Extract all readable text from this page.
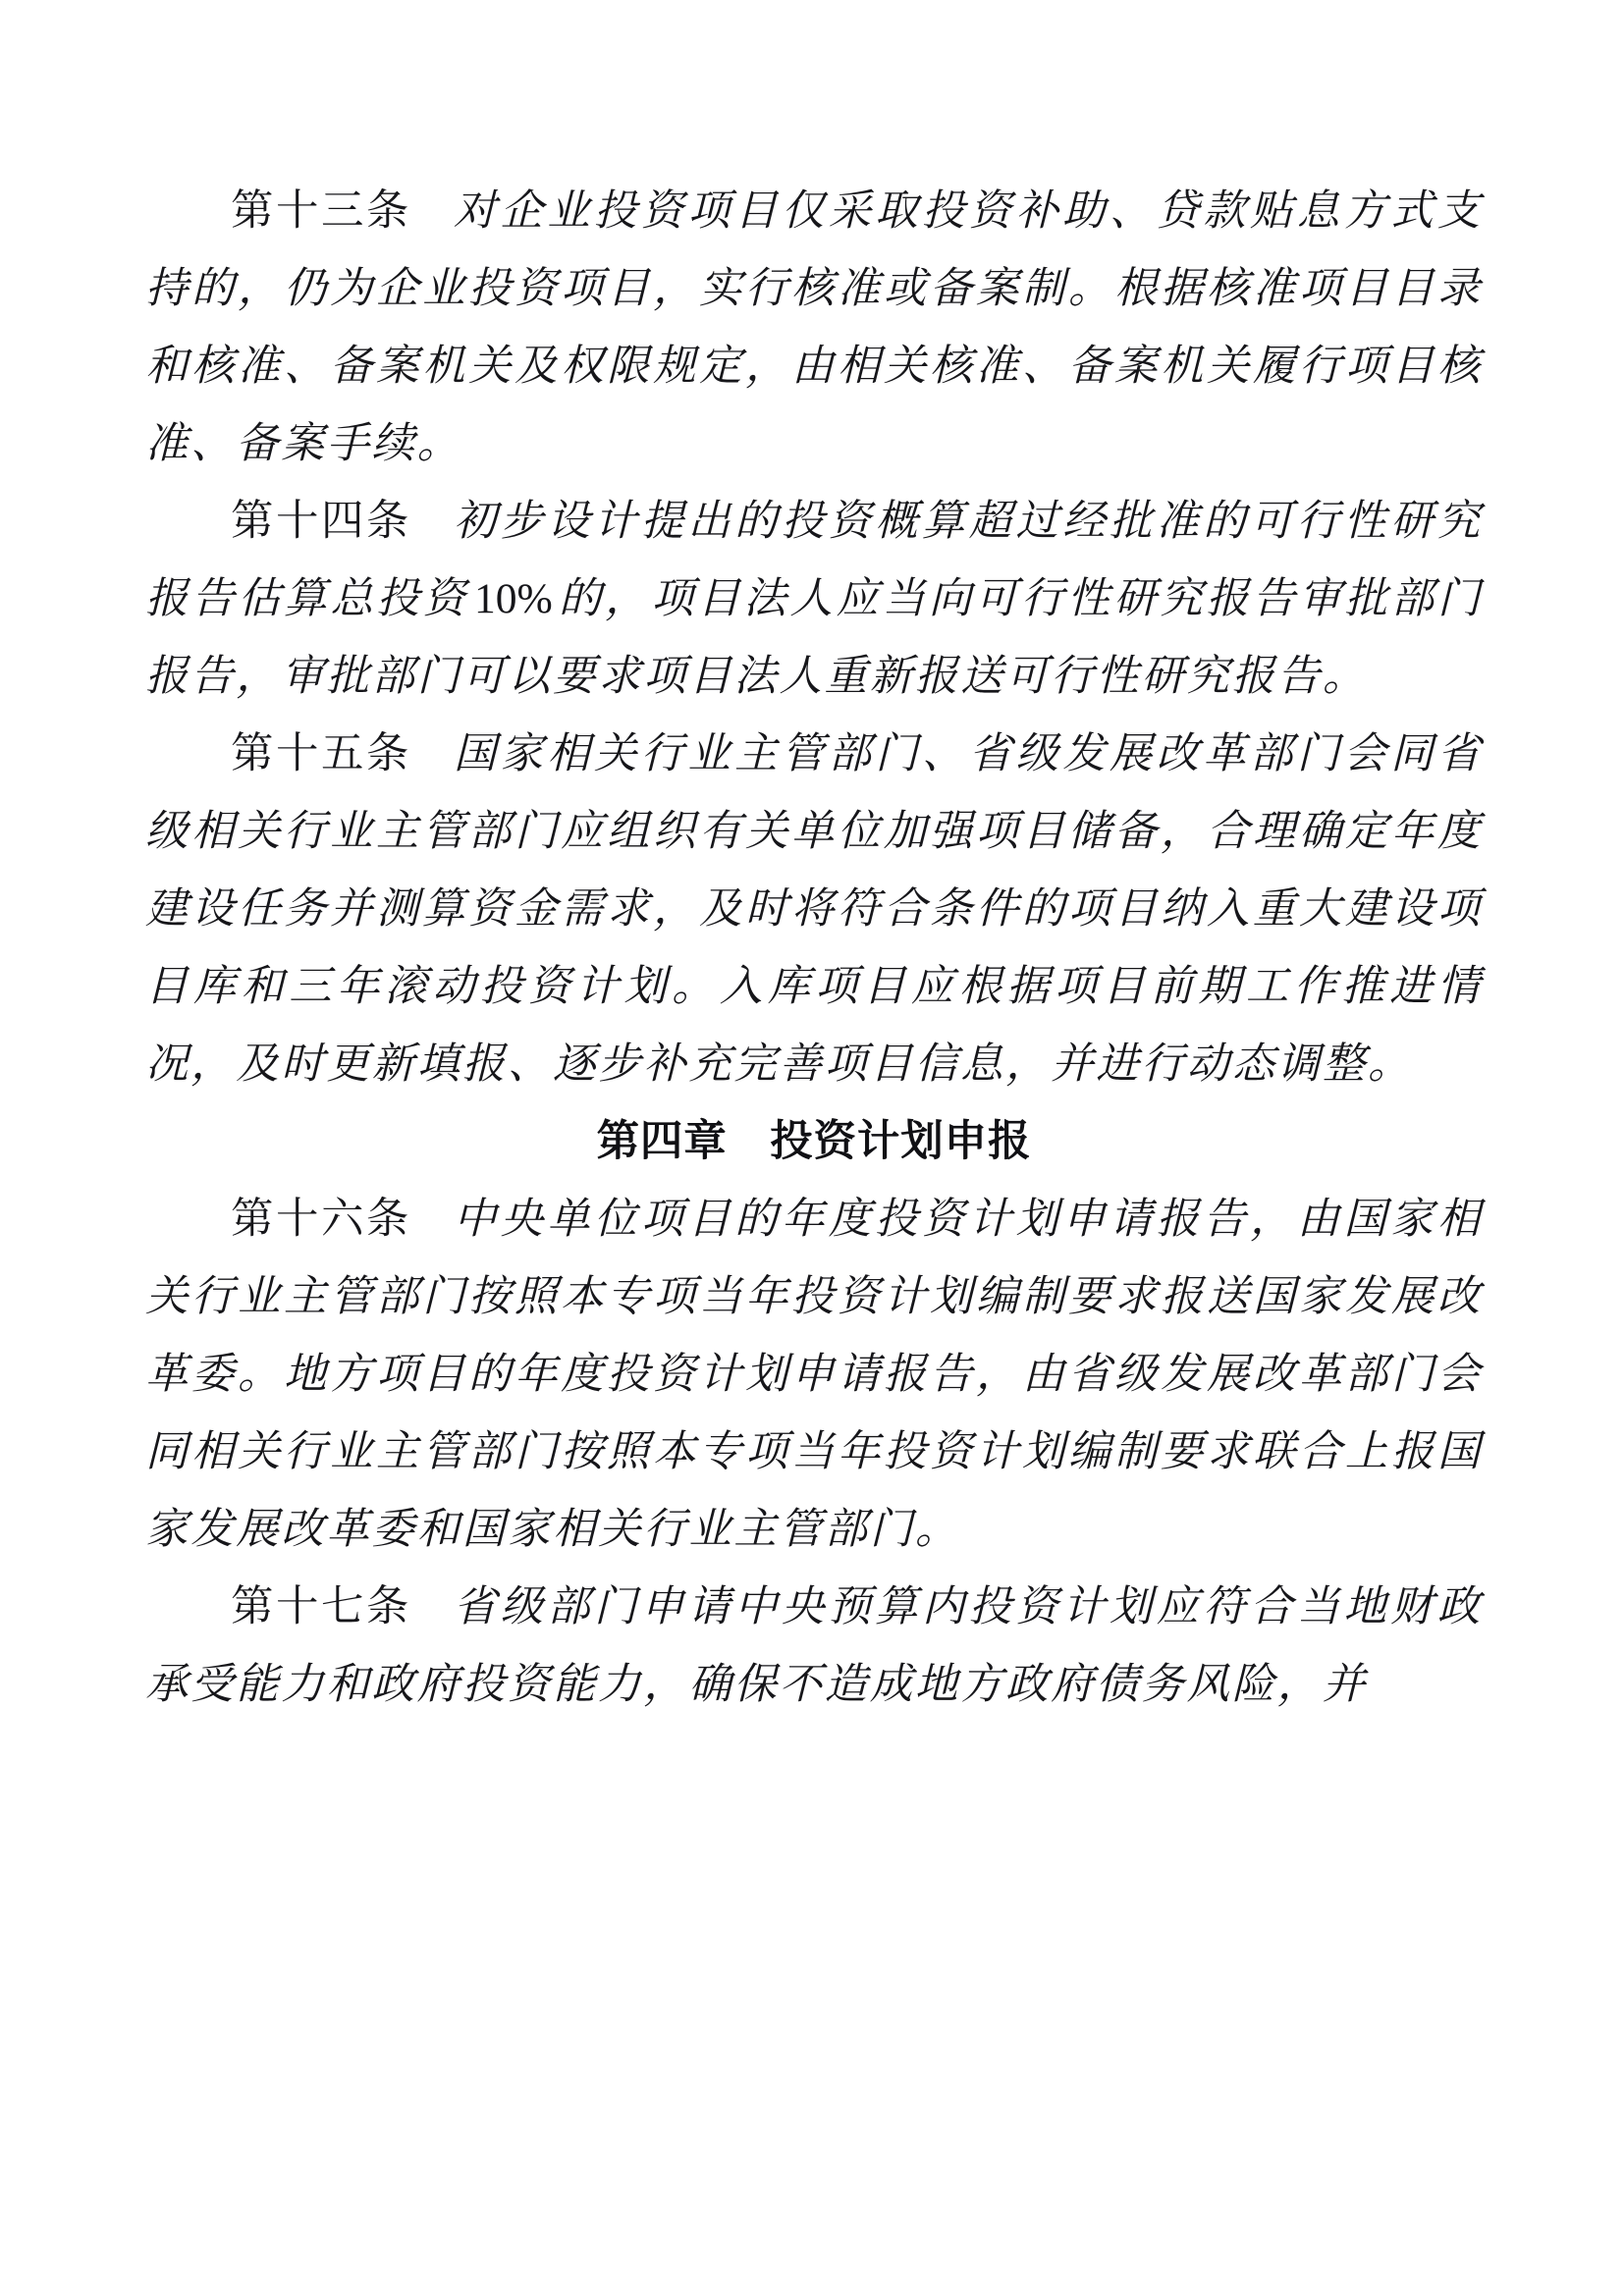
第十三条 对企业投资项目仅采取投资补助、贷款贴息方式支持的，仍为企业投资项目，实行核准或备案制。根据核准项目目录和核准、备案机关及权限规定，由相关核准、备案机关履行项目核准、备案手续。

第十四条 初步设计提出的投资概算超过经批准的可行性研究报告估算总投资 10% 的，项目法人应当向可行性研究报告审批部门报告，审批部门可以要求项目法人重新报送可行性研究报告。

第十五条 国家相关行业主管部门、省级发展改革部门会同省级相关行业主管部门应组织有关单位加强项目储备，合理确定年度建设任务并测算资金需求，及时将符合条件的项目纳入重大建设项目库和三年滚动投资计划。入库项目应根据项目前期工作推进情况，及时更新填报、逐步补充完善项目信息，并进行动态调整。

第四章 投资计划申报

第十六条 中央单位项目的年度投资计划申请报告，由国家相关行业主管部门按照本专项当年投资计划编制要求报送国家发展改革委。地方项目的年度投资计划申请报告，由省级发展改革部门会同相关行业主管部门按照本专项当年投资计划编制要求联合上报国家发展改革委和国家相关行业主管部门。

第十七条 省级部门申请中央预算内投资计划应符合当地财政承受能力和政府投资能力，确保不造成地方政府债务风险，并
